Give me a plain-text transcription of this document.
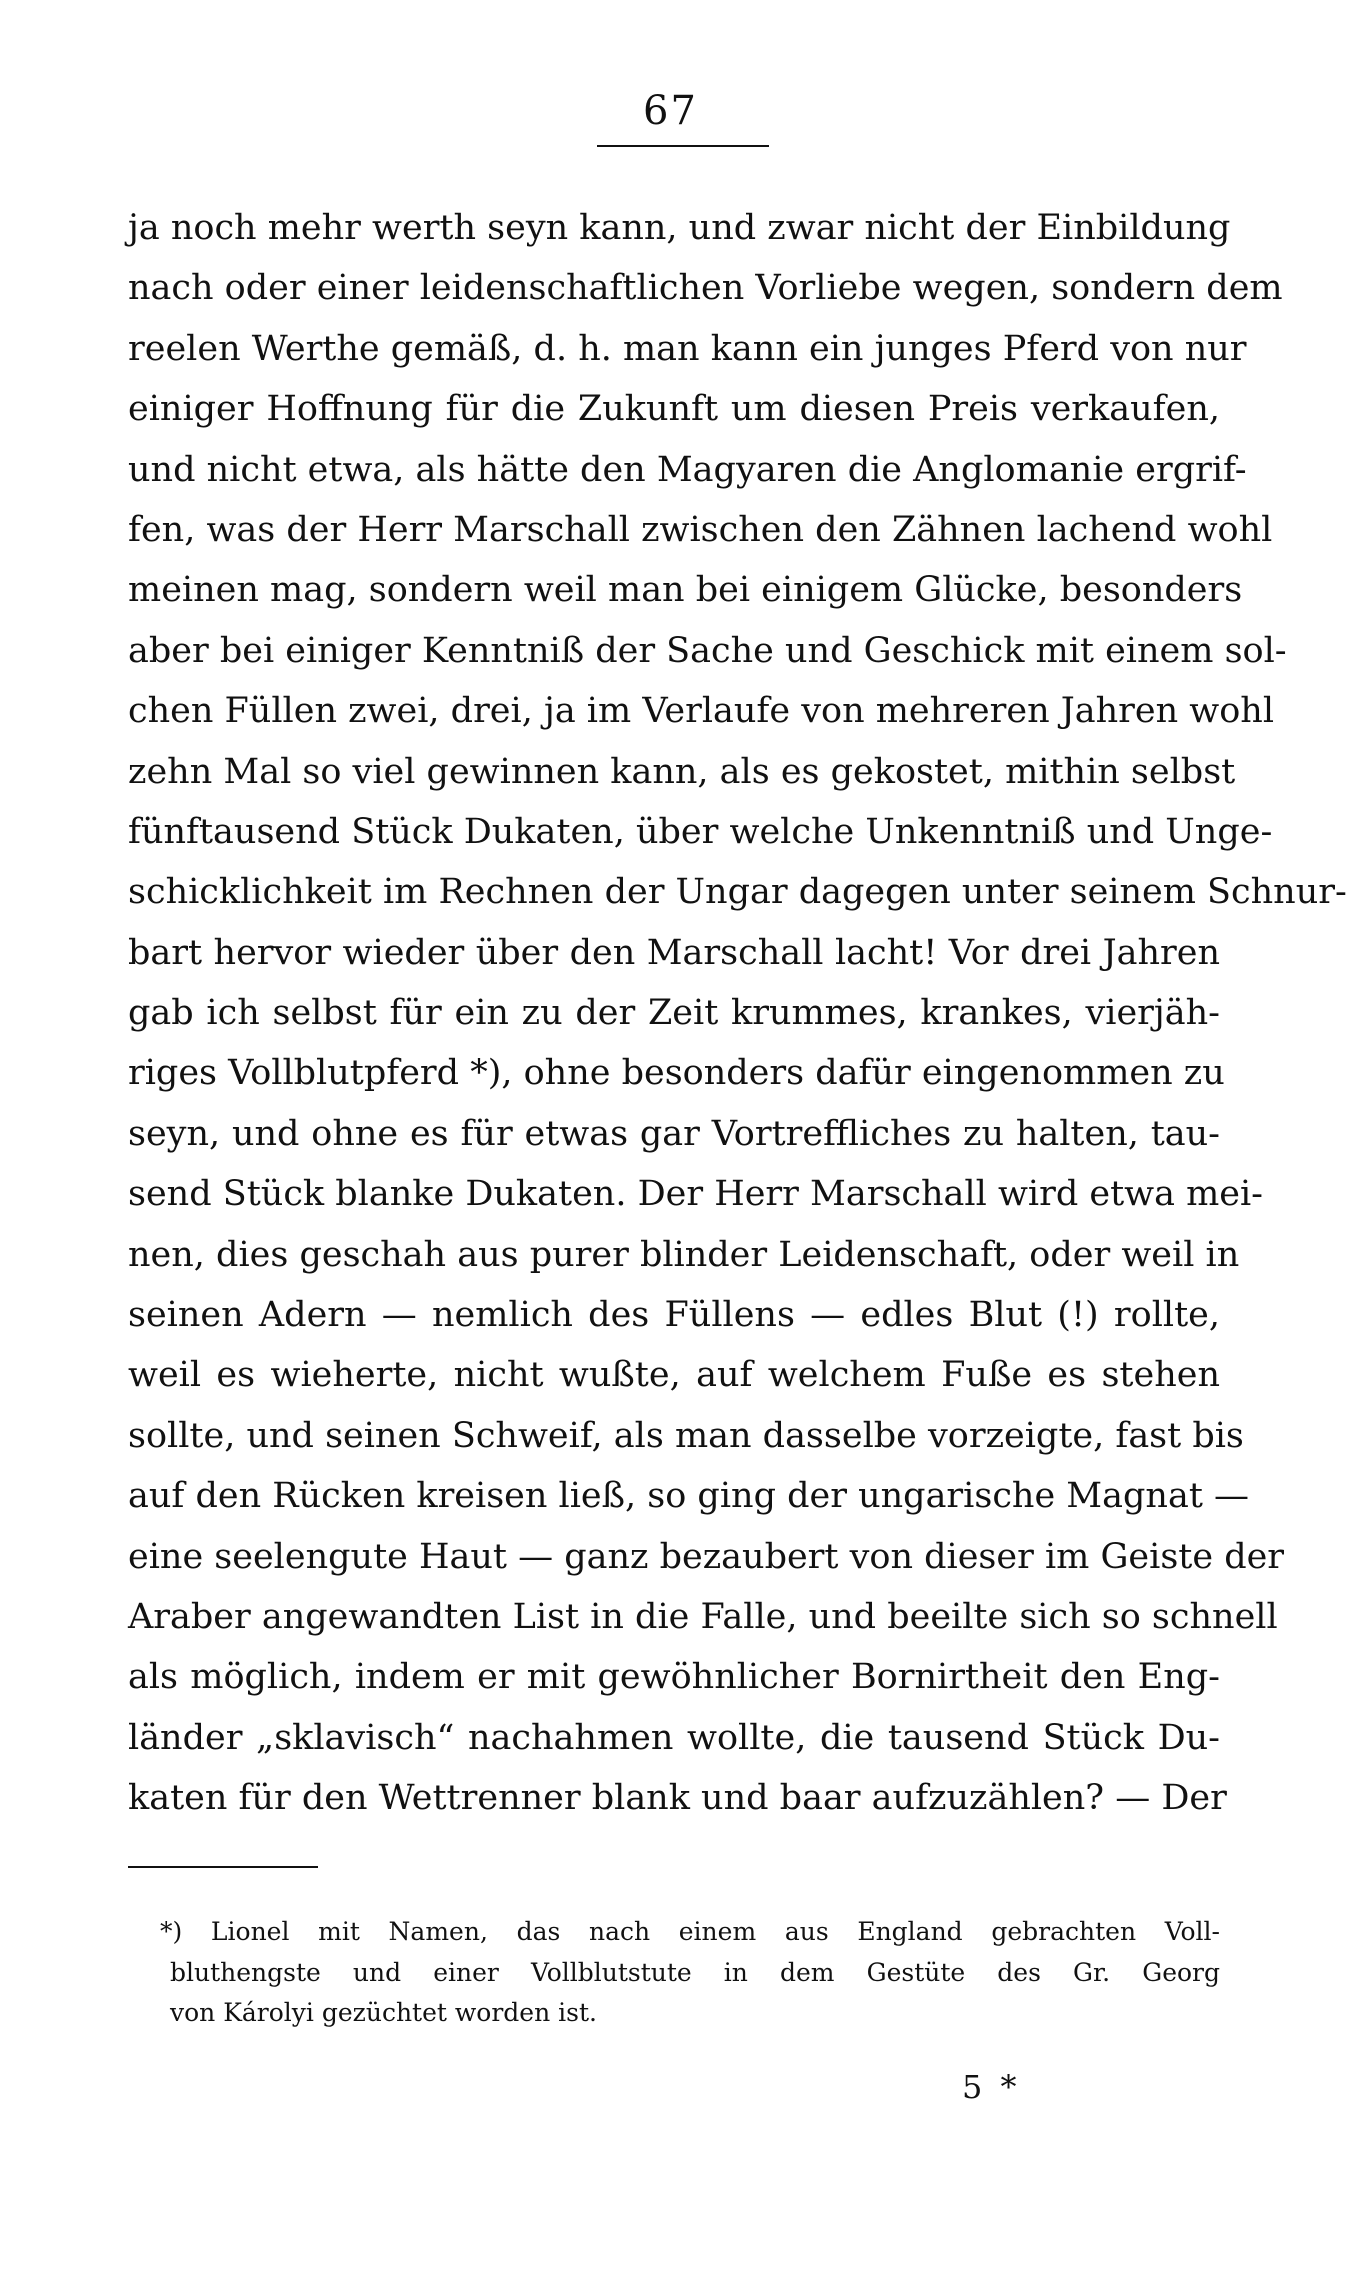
67
ja noch mehr werth seyn kann, und zwar nicht der Einbildung
nach oder einer leidenschaftlichen Vorliebe wegen, sondern dem
reelen Werthe gemäß, d. h. man kann ein junges Pferd von nur
einiger Hoffnung für die Zukunft um diesen Preis verkaufen,
und nicht etwa, als hätte den Magyaren die Anglomanie ergrif-
fen, was der Herr Marschall zwischen den Zähnen lachend wohl
meinen mag, sondern weil man bei einigem Glücke, besonders
aber bei einiger Kenntniß der Sache und Geschick mit einem sol-
chen Füllen zwei, drei, ja im Verlaufe von mehreren Jahren wohl
zehn Mal so viel gewinnen kann, als es gekostet, mithin selbst
fünftausend Stück Dukaten, über welche Unkenntniß und Unge-
schicklichkeit im Rechnen der Ungar dagegen unter seinem Schnur-
bart hervor wieder über den Marschall lacht! Vor drei Jahren
gab ich selbst für ein zu der Zeit krummes, krankes, vierjäh-
riges Vollblutpferd *), ohne besonders dafür eingenommen zu
seyn, und ohne es für etwas gar Vortreffliches zu halten, tau-
send Stück blanke Dukaten. Der Herr Marschall wird etwa mei-
nen, dies geschah aus purer blinder Leidenschaft, oder weil in
seinen Adern — nemlich des Füllens — edles Blut (!) rollte,
weil es wieherte, nicht wußte, auf welchem Fuße es stehen
sollte, und seinen Schweif, als man dasselbe vorzeigte, fast bis
auf den Rücken kreisen ließ, so ging der ungarische Magnat —
eine seelengute Haut — ganz bezaubert von dieser im Geiste der
Araber angewandten List in die Falle, und beeilte sich so schnell
als möglich, indem er mit gewöhnlicher Bornirtheit den Eng-
länder „sklavisch“ nachahmen wollte, die tausend Stück Du-
katen für den Wettrenner blank und baar aufzuzählen? — Der
*) Lionel mit Namen, das nach einem aus England gebrachten Voll-
bluthengste und einer Vollblutstute in dem Gestüte des Gr. Georg
von Károlyi gezüchtet worden ist.
5 *
